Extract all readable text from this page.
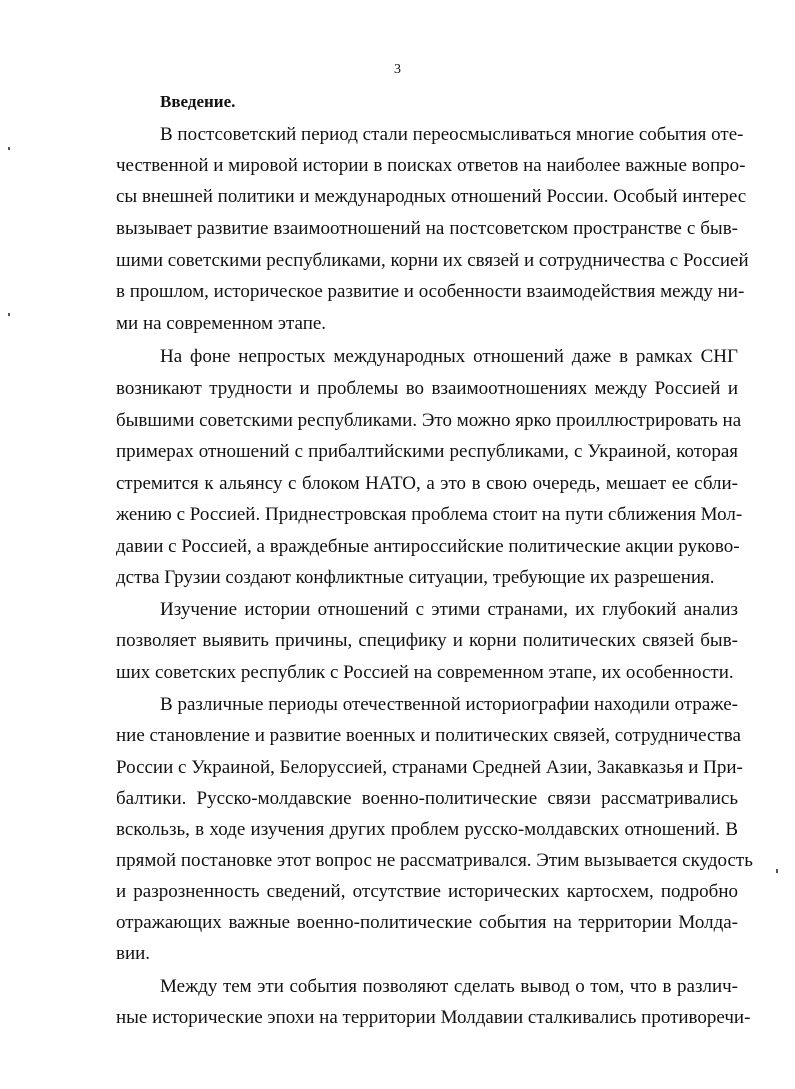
3
Введение.
В постсоветский период стали переосмысливаться многие события оте-
чественной и мировой истории в поисках ответов на наиболее важные вопро-
сы внешней политики и международных отношений России. Особый интерес
вызывает развитие взаимоотношений на постсоветском пространстве с быв-
шими советскими республиками, корни их связей и сотрудничества с Россией
в прошлом, историческое развитие и особенности взаимодействия между ни-
ми на современном этапе.
На фоне непростых международных отношений даже в рамках СНГ
возникают трудности и проблемы во взаимоотношениях между Россией и
бывшими советскими республиками. Это можно ярко проиллюстрировать на
примерах отношений с прибалтийскими республиками, с Украиной, которая
стремится к альянсу с блоком НАТО, а это в свою очередь, мешает ее сбли-
жению с Россией. Приднестровская проблема стоит на пути сближения Мол-
давии с Россией, а враждебные антироссийские политические акции руково-
дства Грузии создают конфликтные ситуации, требующие их разрешения.
Изучение истории отношений с этими странами, их глубокий анализ
позволяет выявить причины, специфику и корни политических связей быв-
ших советских республик с Россией на современном этапе, их особенности.
В различные периоды отечественной историографии находили отраже-
ние становление и развитие военных и политических связей, сотрудничества
России с Украиной, Белоруссией, странами Средней Азии, Закавказья и При-
балтики. Русско-молдавские военно-политические связи рассматривались
вскользь, в ходе изучения других проблем русско-молдавских отношений. В
прямой постановке этот вопрос не рассматривался. Этим вызывается скудость
и разрозненность сведений, отсутствие исторических картосхем, подробно
отражающих важные военно-политические события на территории Молда-
вии.
Между тем эти события позволяют сделать вывод о том, что в различ-
ные исторические эпохи на территории Молдавии сталкивались противоречи-
